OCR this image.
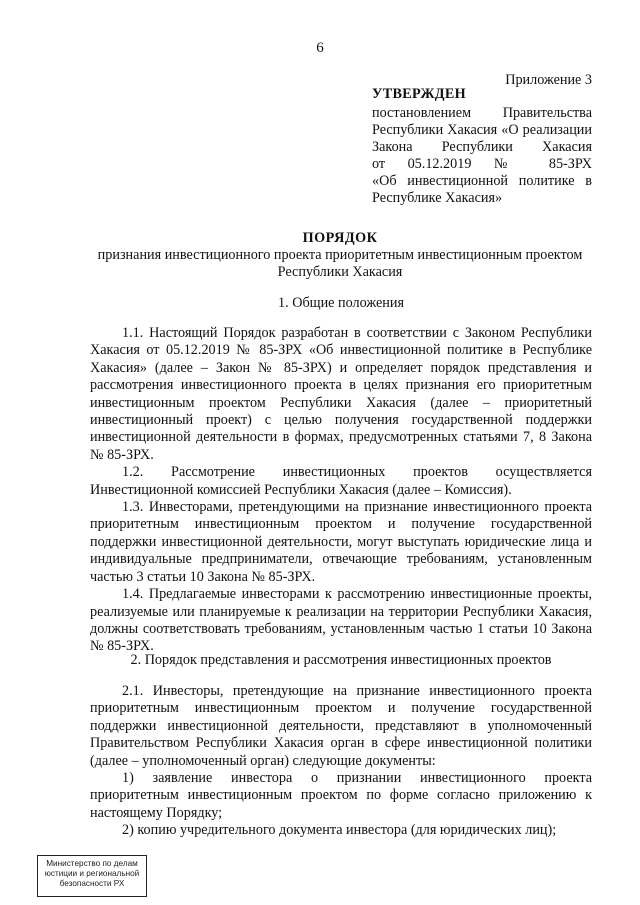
6
Приложение 3
УТВЕРЖДЕН
постановлением Правительства
Республики Хакасия «О реализации
Закона Республики Хакасия
от 05.12.2019 № 85-ЗРХ
«Об инвестиционной политике в
Республике Хакасия»
ПОРЯДОК
признания инвестиционного проекта приоритетным инвестиционным проектом
Республики Хакасия
1. Общие положения

1.1. Настоящий Порядок разработан в соответствии с Законом Республики Хакасия от 05.12.2019 № 85-ЗРХ «Об инвестиционной политике в Республике Хакасия» (далее – Закон № 85-ЗРХ) и определяет порядок представления и рассмотрения инвестиционного проекта в целях признания его приоритетным инвестиционным проектом Республики Хакасия (далее – приоритетный инвестиционный проект) с целью получения государственной поддержки инвестиционной деятельности в формах, предусмотренных статьями 7, 8 Закона № 85-ЗРХ.

1.2. Рассмотрение инвестиционных проектов осуществляется Инвестиционной комиссией Республики Хакасия (далее – Комиссия).

1.3. Инвесторами, претендующими на признание инвестиционного проекта приоритетным инвестиционным проектом и получение государственной поддержки инвестиционной деятельности, могут выступать юридические лица и индивидуальные предприниматели, отвечающие требованиям, установленным частью 3 статьи 10 Закона № 85-ЗРХ.

1.4. Предлагаемые инвесторами к рассмотрению инвестиционные проекты, реализуемые или планируемые к реализации на территории Республики Хакасия, должны соответствовать требованиям, установленным частью 1 статьи 10 Закона № 85-ЗРХ.

2. Порядок представления и рассмотрения инвестиционных проектов

2.1. Инвесторы, претендующие на признание инвестиционного проекта приоритетным инвестиционным проектом и получение государственной поддержки инвестиционной деятельности, представляют в уполномоченный Правительством Республики Хакасия орган в сфере инвестиционной политики (далее – уполномоченный орган) следующие документы:

1) заявление инвестора о признании инвестиционного проекта приоритетным инвестиционным проектом по форме согласно приложению к настоящему Порядку;

2) копию учредительного документа инвестора (для юридических лиц);

Министерство по делам
юстиции и региональной
безопасности РХ
